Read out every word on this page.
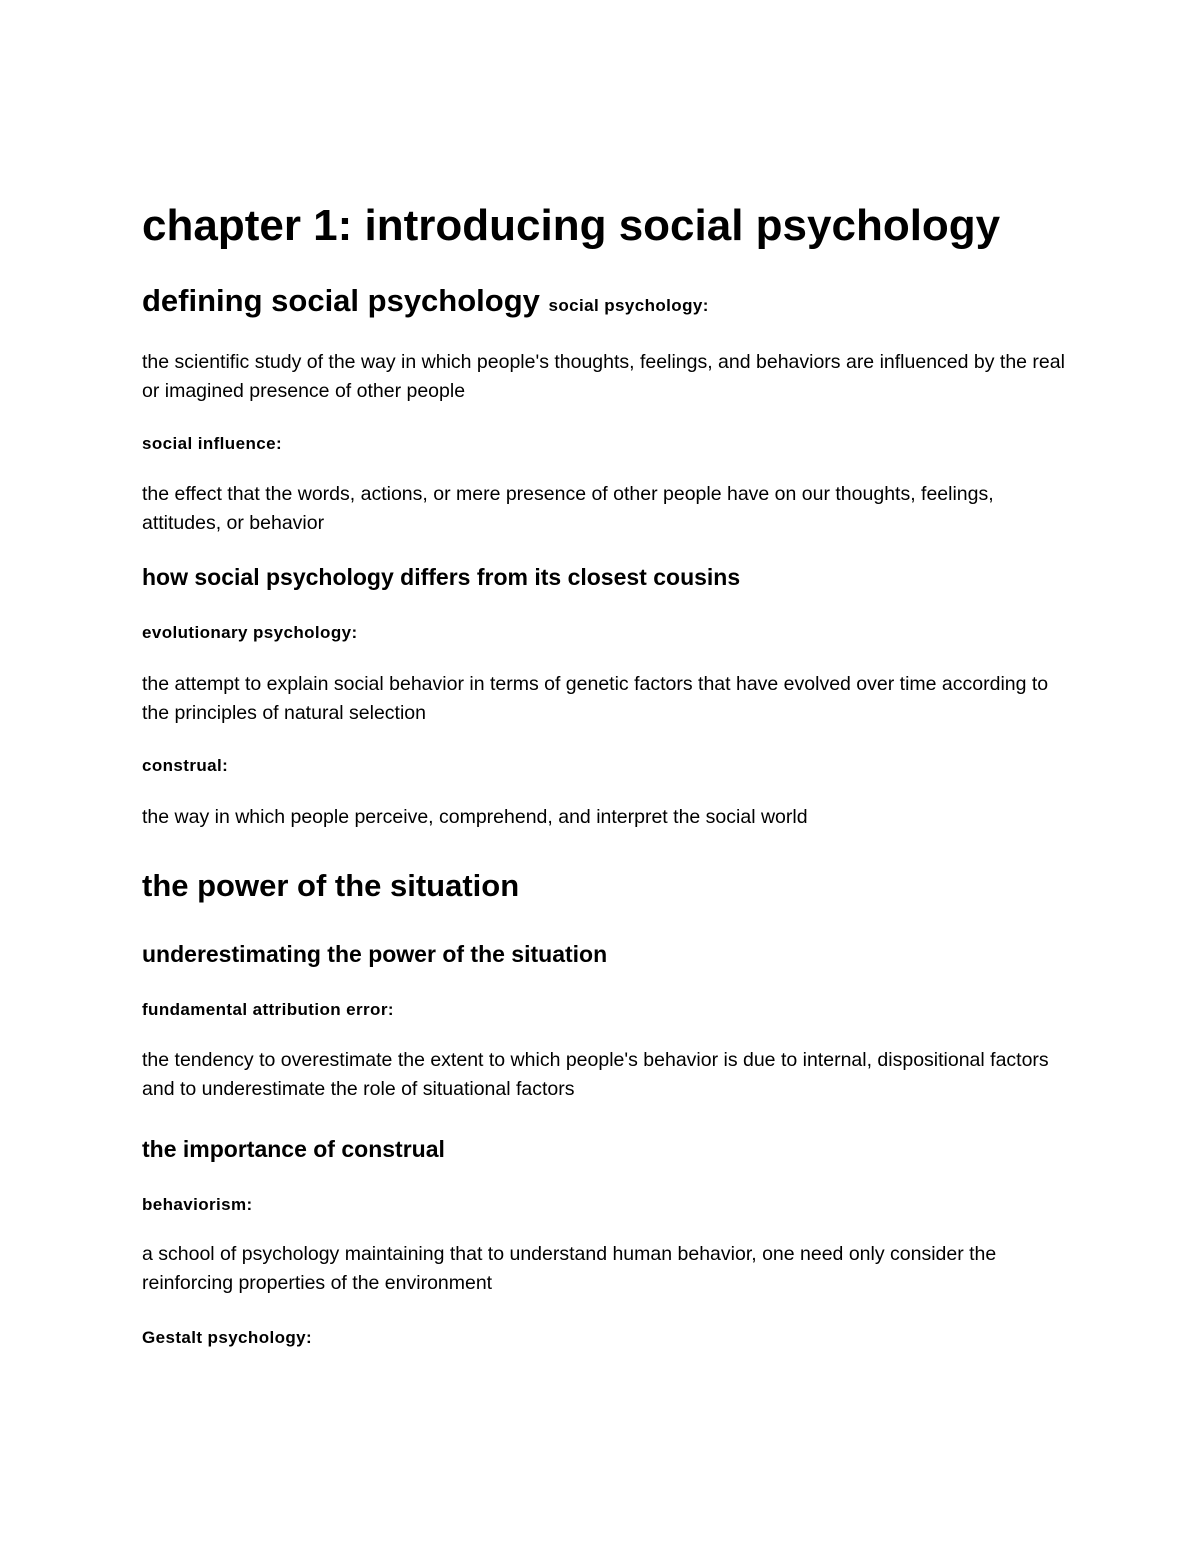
chapter 1: introducing social psychology
defining social psychology social psychology:

the scientific study of the way in which people's thoughts, feelings, and behaviors are influenced by the real or imagined presence of other people

social influence:

the effect that the words, actions, or mere presence of other people have on our thoughts, feelings, attitudes, or behavior

how social psychology differs from its closest cousins
evolutionary psychology:

the attempt to explain social behavior in terms of genetic factors that have evolved over time according to the principles of natural selection

construal:

the way in which people perceive, comprehend, and interpret the social world

the power of the situation
underestimating the power of the situation
fundamental attribution error:

the tendency to overestimate the extent to which people's behavior is due to internal, dispositional factors and to underestimate the role of situational factors

the importance of construal
behaviorism:

a school of psychology maintaining that to understand human behavior, one need only consider the reinforcing properties of the environment

Gestalt psychology:
